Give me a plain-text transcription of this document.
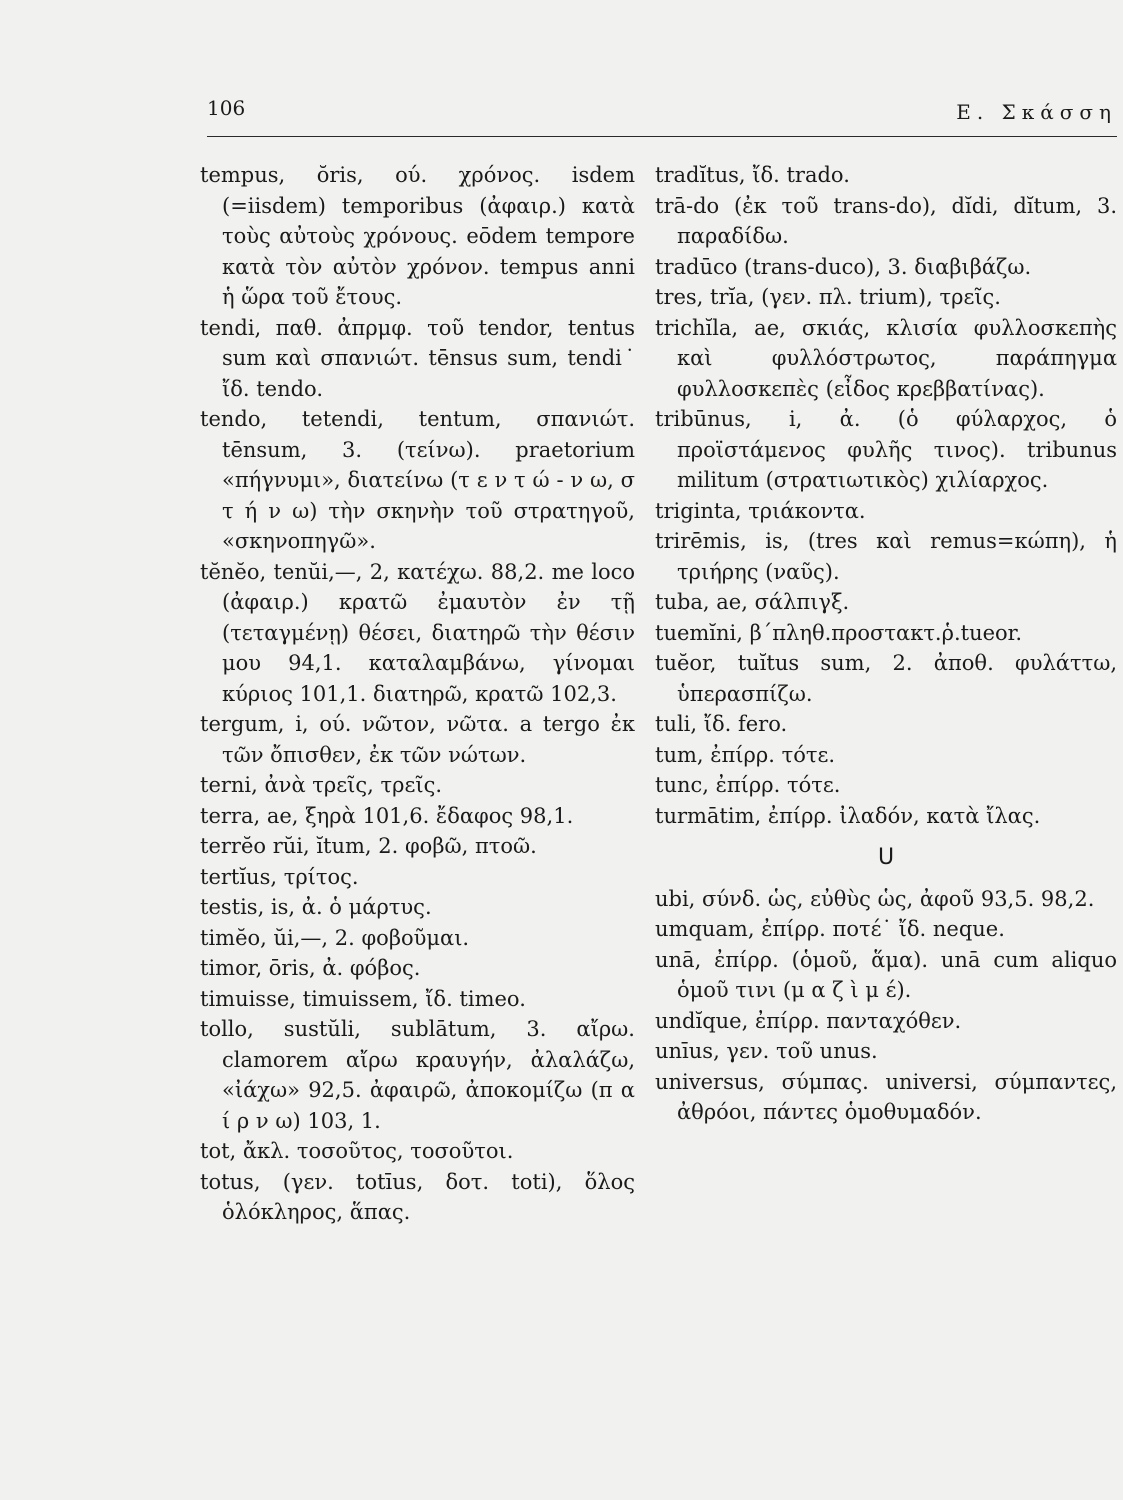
106	Ε. Σκάσση

tempus, ŏris, ού. χρόνος. isdem (=iisdem) temporibus (ἀφαιρ.) κατὰ τοὺς αὐτοὺς χρόνους. eōdem tempore κατὰ τὸν αὐτὸν χρόνον. tempus anni ἡ ὥρα τοῦ ἔτους.

tendi, παθ. ἀπρμφ. τοῦ tendor, tentus sum καὶ σπανιώτ. tēnsus sum, tendi˙ ἴδ. tendo.

tendo, tetendi, tentum, σπανιώτ. tēnsum, 3. (τείνω). praetorium «πήγνυμι», διατείνω (τ ε ν τ ώ - ν ω, σ τ ή ν ω) τὴν σκηνὴν τοῦ στρατηγοῦ, «σκηνοπηγῶ».

tĕnĕo, tenŭi,—, 2, κατέχω. 88,2. me loco (ἀφαιρ.) κρατῶ ἐμαυτὸν ἐν τῇ (τεταγμένῃ) θέσει, διατηρῶ τὴν θέσιν μου 94,1. καταλαμβάνω, γίνομαι κύριος 101,1. διατηρῶ, κρατῶ 102,3.

tergum, i, ού. νῶτον, νῶτα. a tergo ἐκ τῶν ὄπισθεν, ἐκ τῶν νώτων.

terni, ἀνὰ τρεῖς, τρεῖς.

terra, ae, ξηρὰ 101,6. ἔδαφος 98,1.

terrĕo rŭi, ĭtum, 2. φοβῶ, πτοῶ.

tertĭus, τρίτος.

testis, is, ἀ. ὁ μάρτυς.

timĕo, ŭi,—, 2. φοβοῦμαι.

timor, ōris, ἀ. φόβος.

timuisse, timuissem, ἴδ. timeo.

tollo, sustŭli, sublātum, 3. αἴρω. clamorem αἴρω κραυγήν, ἀλαλάζω, «ἰάχω» 92,5. ἀφαιρῶ, ἀποκομίζω (π α ί ρ ν ω) 103, 1.

tot, ἄκλ. τοσοῦτος, τοσοῦτοι.

totus, (γεν. totīus, δοτ. toti), ὅλος ὁλόκληρος, ἅπας.

tradĭtus, ἴδ. trado.

trā-do (ἐκ τοῦ trans-do), dĭdi, dĭtum, 3. παραδίδω.

tradūco (trans-duco), 3. διαβιβάζω.

tres, trĭa, (γεν. πλ. trium), τρεῖς.

trichĭla, ae, σκιάς, κλισία φυλλοσκεπὴς καὶ φυλλόστρωτος, παράπηγμα φυλλοσκεπὲς (εἶδος κρεββατίνας).

tribūnus, i, ἀ. (ὁ φύλαρχος, ὁ προϊστάμενος φυλῆς τινος). tribunus militum (στρατιωτικὸς) χιλίαρχος.

triginta, τριάκοντα.

trirēmis, is, (tres καὶ remus=κώπη), ἡ τριήρης (ναῦς).

tuba, ae, σάλπιγξ.

tuemĭni, β΄πληθ.προστακτ.ῥ.tueor.

tuĕor, tuĭtus sum, 2. ἀποθ. φυλάττω, ὑπερασπίζω.

tuli, ἴδ. fero.

tum, ἐπίρρ. τότε.

tunc, ἐπίρρ. τότε.

turmātim, ἐπίρρ. ἰλαδόν, κατὰ ἴλας.

U

ubi, σύνδ. ὡς, εὐθὺς ὡς, ἀφοῦ 93,5. 98,2.

umquam, ἐπίρρ. ποτέ˙ ἴδ. neque.

unā, ἐπίρρ. (ὁμοῦ, ἅμα). unā cum aliquo ὁμοῦ τινι (μ α ζ ὶ μ έ).

undĭque, ἐπίρρ. πανταχόθεν.

unīus, γεν. τοῦ unus.

universus, σύμπας. universi, σύμπαντες, ἀθρόοι, πάντες ὁμοθυμαδόν.
